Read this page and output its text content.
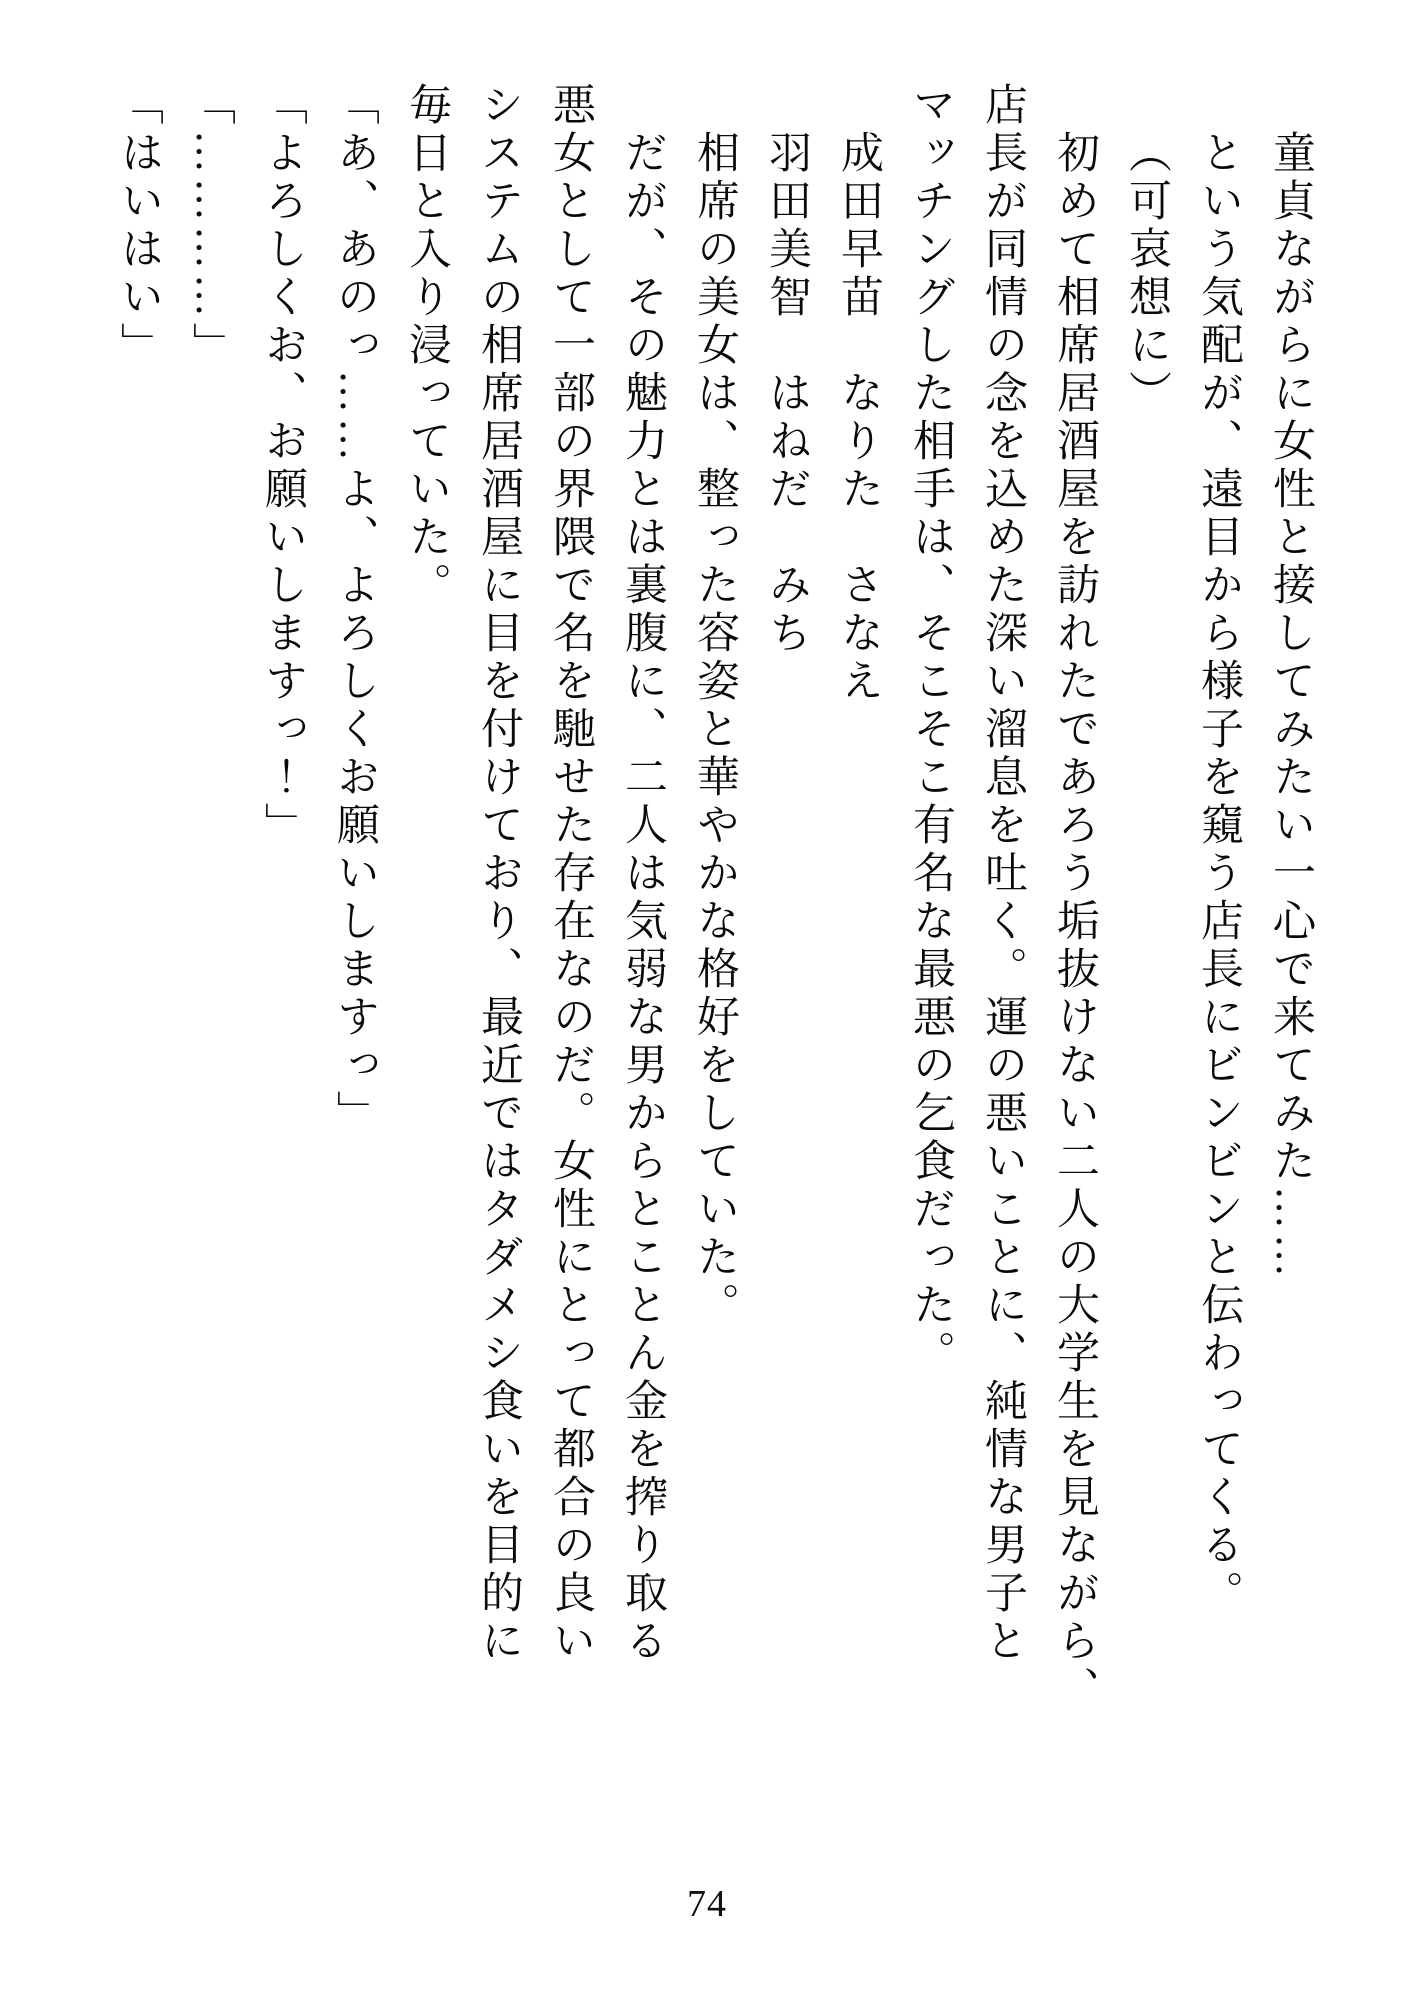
童貞ながらに女性と接してみたい一心で来てみた……

という気配が、遠目から様子を窺う店長にビンビンと伝わってくる。

（可哀想に）

初めて相席居酒屋を訪れたであろう垢抜けない二人の大学生を見ながら、

店長が同情の念を込めた深い溜息を吐く。運の悪いことに、純情な男子と

マッチングした相手は、そこそこ有名な最悪の乞食だった。

成田早苗　なりた　さなえ

羽田美智　はねだ　みち

相席の美女は、整った容姿と華やかな格好をしていた。

だが、その魅力とは裏腹に、二人は気弱な男からとことん金を搾り取る

悪女として一部の界隈で名を馳せた存在なのだ。女性にとって都合の良い

システムの相席居酒屋に目を付けており、最近ではタダメシ食いを目的に

毎日と入り浸っていた。

「あ、あのっ……よ、よろしくお願いしますっ」

「よろしくお、お願いしますっ！」

「…………」

「はいはい」

74
